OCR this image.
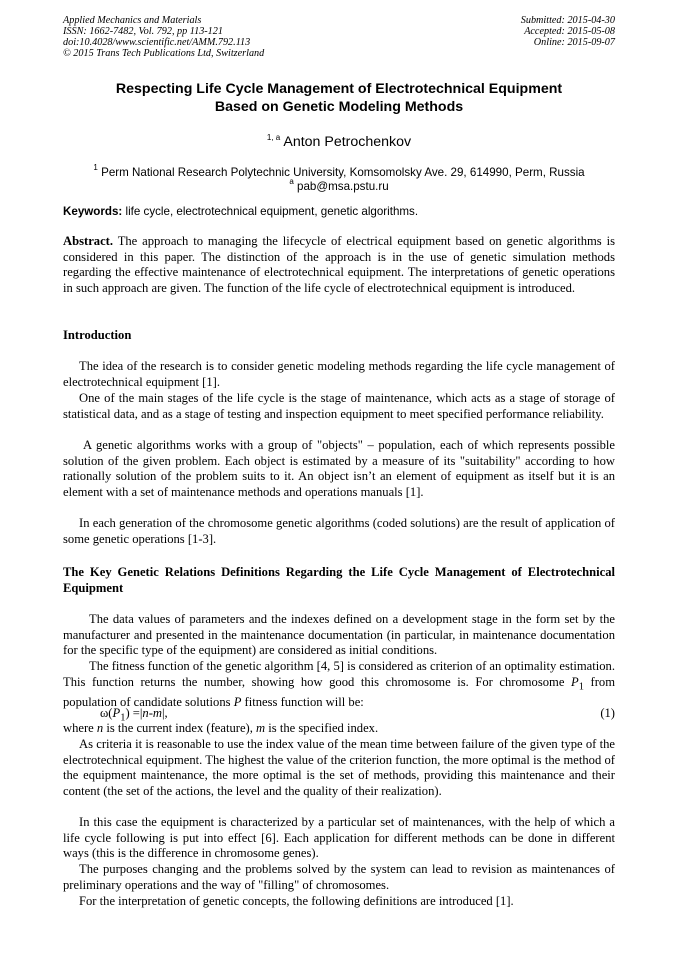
Applied Mechanics and Materials
ISSN: 1662-7482, Vol. 792, pp 113-121
doi:10.4028/www.scientific.net/AMM.792.113
© 2015 Trans Tech Publications Ltd, Switzerland
Submitted: 2015-04-30
Accepted: 2015-05-08
Online: 2015-09-07
Respecting Life Cycle Management of Electrotechnical Equipment
Based on Genetic Modeling Methods
$^{1, a}$ Anton Petrochenkov
$^1$ Perm National Research Polytechnic University, Komsomolsky Ave. 29, 614990, Perm, Russia
$^a$ pab@msa.pstu.ru
Keywords: life cycle, electrotechnical equipment, genetic algorithms.
Abstract. The approach to managing the lifecycle of electrical equipment based on genetic algorithms is considered in this paper. The distinction of the approach is in the use of genetic simulation methods regarding the effective maintenance of electrotechnical equipment. The interpretations of genetic operations in such approach are given. The function of the life cycle of electrotechnical equipment is introduced.
Introduction
The idea of the research is to consider genetic modeling methods regarding the life cycle management of electrotechnical equipment [1].
One of the main stages of the life cycle is the stage of maintenance, which acts as a stage of storage of statistical data, and as a stage of testing and inspection equipment to meet specified performance reliability.
A genetic algorithms works with a group of "objects" – population, each of which represents possible solution of the given problem. Each object is estimated by a measure of its "suitability" according to how rationally solution of the problem suits to it. An object isn’t an element of equipment as itself but it is an element with a set of maintenance methods and operations manuals [1].
In each generation of the chromosome genetic algorithms (coded solutions) are the result of application of some genetic operations [1-3].
The Key Genetic Relations Definitions Regarding the Life Cycle Management of Electrotechnical Equipment
The data values of parameters and the indexes defined on a development stage in the form set by the manufacturer and presented in the maintenance documentation (in particular, in maintenance documentation for the specific type of the equipment) are considered as initial conditions.
The fitness function of the genetic algorithm [4, 5] is considered as criterion of an optimality estimation. This function returns the number, showing how good this chromosome is. For chromosome $P_1$ from population of candidate solutions P fitness function will be:
$\omega(P_1) =|n-m|$,	(1)
where n is the current index (feature), m is the specified index.
As criteria it is reasonable to use the index value of the mean time between failure of the given type of the electrotechnical equipment. The highest the value of the criterion function, the more optimal is the method of the equipment maintenance, the more optimal is the set of methods, providing this maintenance and their content (the set of the actions, the level and the quality of their realization).
In this case the equipment is characterized by a particular set of maintenances, with the help of which a life cycle following is put into effect [6]. Each application for different methods can be done in different ways (this is the difference in chromosome genes).
The purposes changing and the problems solved by the system can lead to revision as maintenances of preliminary operations and the way of "filling" of chromosomes.
For the interpretation of genetic concepts, the following definitions are introduced [1].
